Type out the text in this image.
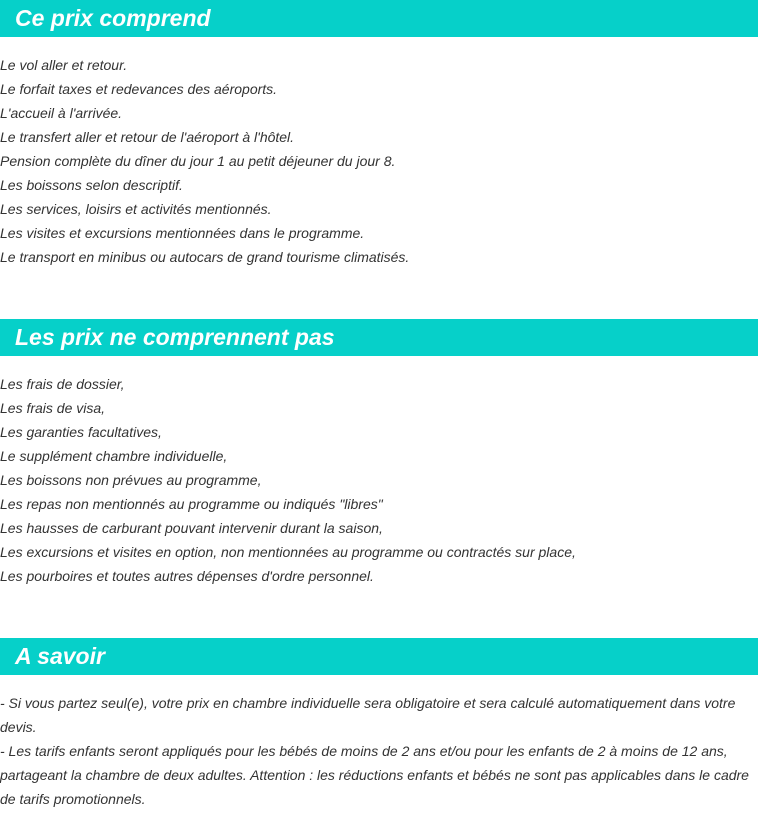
Ce prix comprend
Le vol aller et retour.
Le forfait taxes et redevances des aéroports.
L'accueil à l'arrivée.
Le transfert aller et retour de l'aéroport à l'hôtel.
Pension complète du dîner du jour 1 au petit déjeuner du jour 8.
Les boissons selon descriptif.
Les services, loisirs et activités mentionnés.
Les visites et excursions mentionnées dans le programme.
Le transport en minibus ou autocars de grand tourisme climatisés.
Les prix ne comprennent pas
Les frais de dossier,
Les frais de visa,
Les garanties facultatives,
Le supplément chambre individuelle,
Les boissons non prévues au programme,
Les repas non mentionnés au programme ou indiqués "libres"
Les hausses de carburant pouvant intervenir durant la saison,
Les excursions et visites en option, non mentionnées au programme ou contractés sur place,
Les pourboires et toutes autres dépenses d'ordre personnel.
A savoir

- Si vous partez seul(e), votre prix en chambre individuelle sera obligatoire et sera calculé automatiquement dans votre devis.

- Les tarifs enfants seront appliqués pour les bébés de moins de 2 ans et/ou pour les enfants de 2 à moins de 12 ans, partageant la chambre de deux adultes. Attention : les réductions enfants et bébés ne sont pas applicables dans le cadre de tarifs promotionnels.
